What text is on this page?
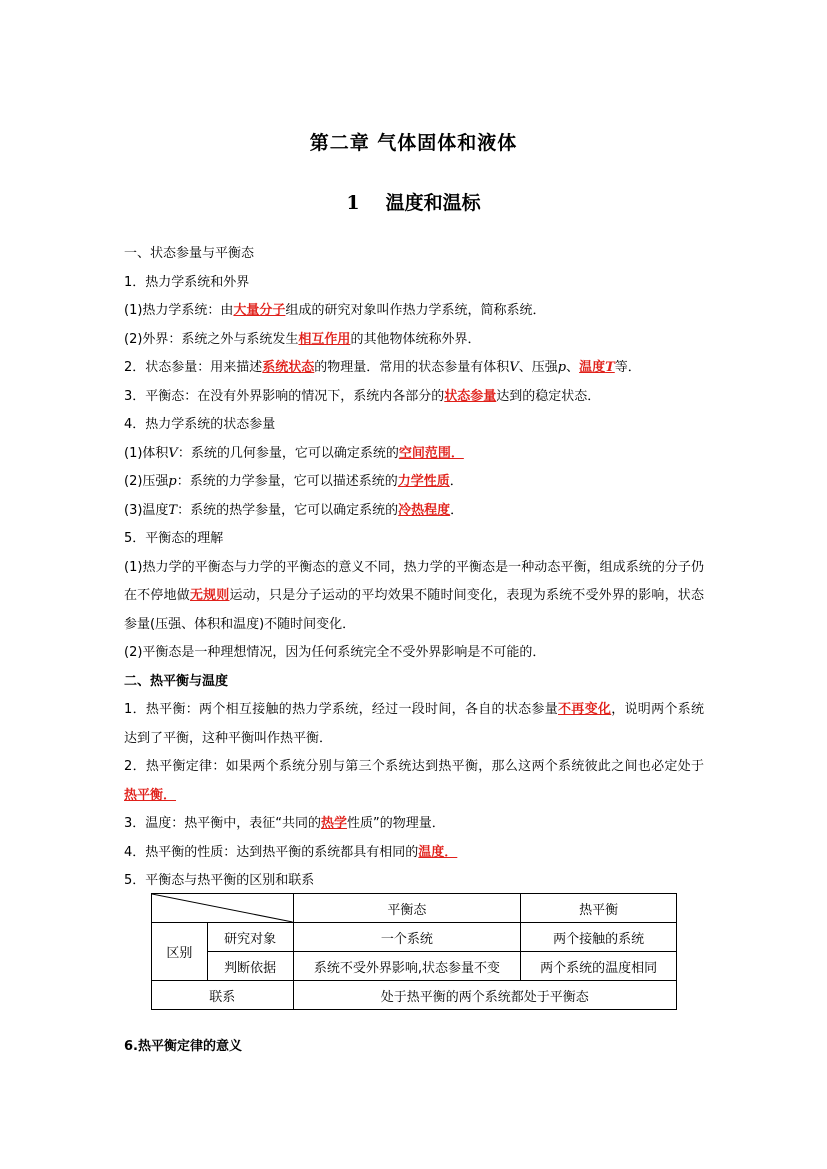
第二章 气体固体和液体
1 温度和温标

一、状态参量与平衡态

1．热力学系统和外界

(1)热力学系统：由大量分子组成的研究对象叫作热力学系统，简称系统．

(2)外界：系统之外与系统发生相互作用的其他物体统称外界．

2．状态参量：用来描述系统状态的物理量．常用的状态参量有体积V、压强p、温度T等．

3．平衡态：在没有外界影响的情况下，系统内各部分的状态参量达到的稳定状态．

4．热力学系统的状态参量

(1)体积V：系统的几何参量，它可以确定系统的空间范围．

(2)压强p：系统的力学参量，它可以描述系统的力学性质．

(3)温度T：系统的热学参量，它可以确定系统的冷热程度．

5．平衡态的理解

(1)热力学的平衡态与力学的平衡态的意义不同，热力学的平衡态是一种动态平衡，组成系统的分子仍在不停地做无规则运动，只是分子运动的平均效果不随时间变化，表现为系统不受外界的影响，状态参量(压强、体积和温度)不随时间变化．

(2)平衡态是一种理想情况，因为任何系统完全不受外界影响是不可能的．

二、热平衡与温度

1．热平衡：两个相互接触的热力学系统，经过一段时间，各自的状态参量不再变化，说明两个系统达到了平衡，这种平衡叫作热平衡．

2．热平衡定律：如果两个系统分别与第三个系统达到热平衡，那么这两个系统彼此之间也必定处于热平衡．

3．温度：热平衡中，表征“共同的热学性质”的物理量．

4．热平衡的性质：达到热平衡的系统都具有相同的温度．

5．平衡态与热平衡的区别和联系

	平衡态	热平衡
区别	研究对象	一个系统	两个接触的系统
	判断依据	系统不受外界影响,状态参量不变	两个系统的温度相同
联系		处于热平衡的两个系统都处于平衡态	
6.热平衡定律的意义
